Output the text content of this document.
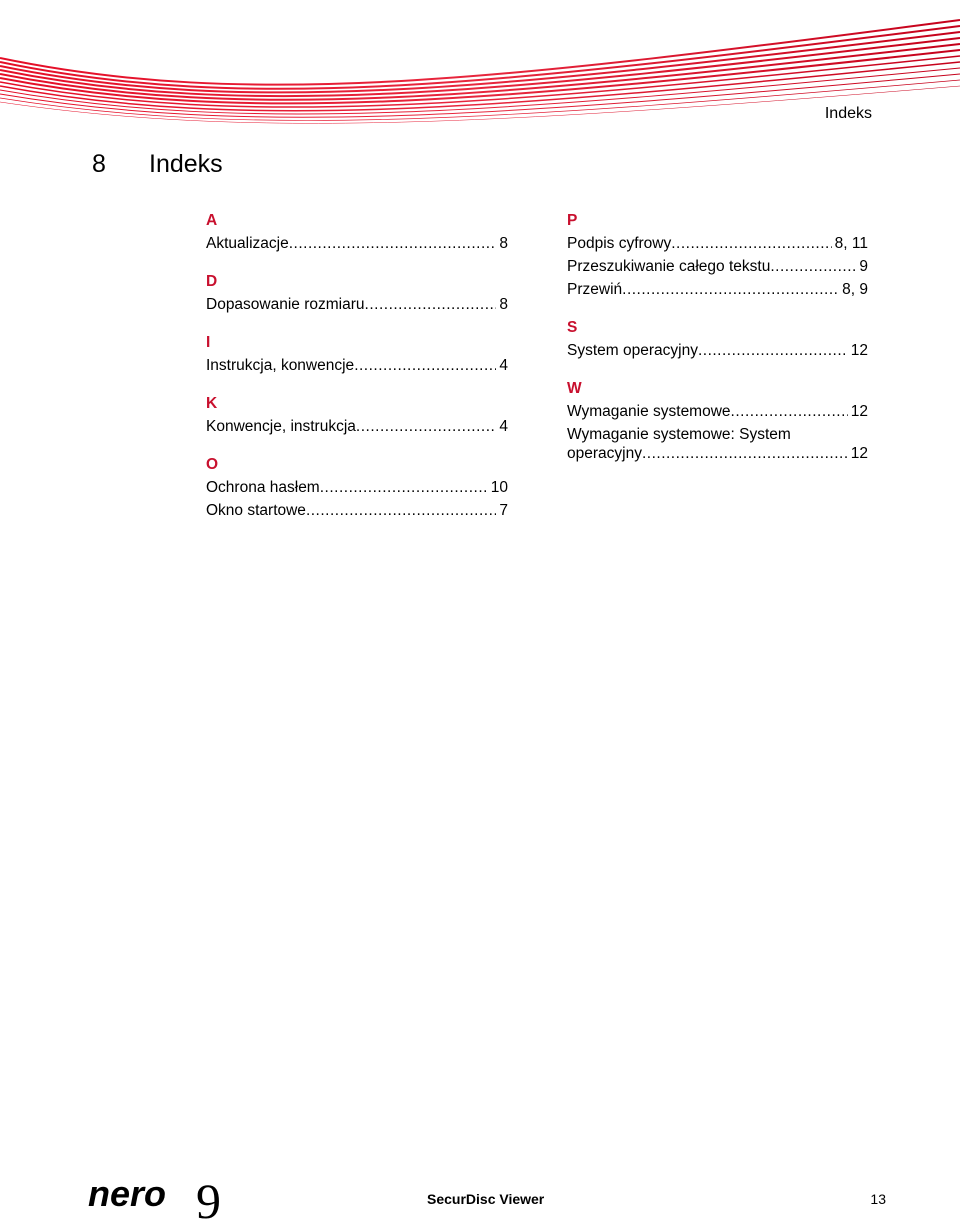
Indeks
8 Indeks
A
Aktualizacje .....	8
D
Dopasowanie rozmiaru .....	8
I
Instrukcja, konwencje .....	4
K
Konwencje, instrukcja .....	4
O
Ochrona hasłem .....	10
Okno startowe .....	7
P
Podpis cyfrowy .....	8, 11
Przeszukiwanie całego tekstu .....	9
Przewiń .....	8, 9
S
System operacyjny .....	12
W
Wymaganie systemowe .....	12
Wymaganie systemowe: System
operacyjny .....	12
nero 9	SecurDisc Viewer	13
